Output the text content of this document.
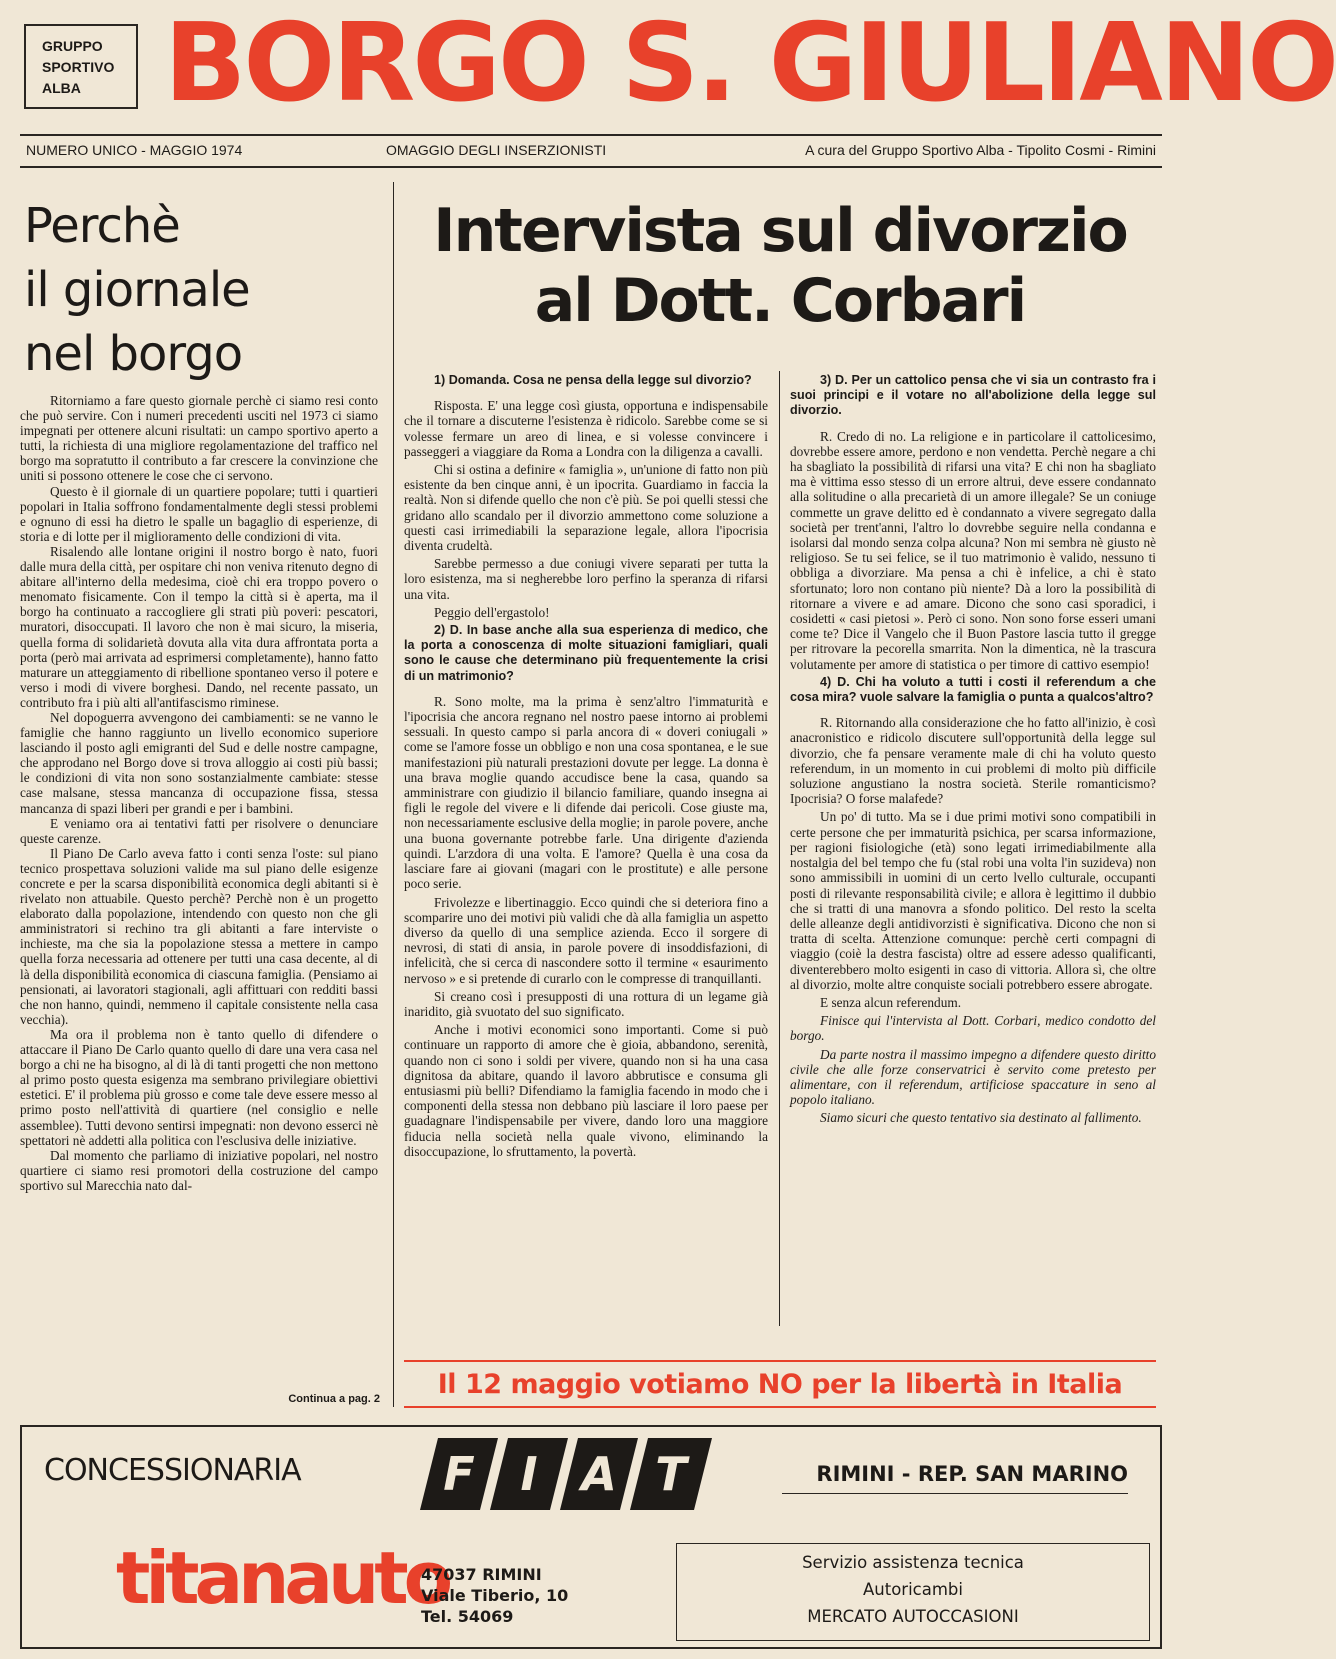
GRUPPO
SPORTIVO
ALBA BORGO S. GIULIANO
NUMERO UNICO - MAGGIO 1974	OMAGGIO DEGLI INSERZIONISTI	A cura del Gruppo Sportivo Alba - Tipolito Cosmi - Rimini
Perchè
il giornale
nel borgo

Ritorniamo a fare questo giornale perchè ci siamo resi conto che può servire. Con i numeri precedenti usciti nel 1973 ci siamo impegnati per ottenere alcuni risultati: un campo sportivo aperto a tutti, la richiesta di una migliore regolamentazione del traffico nel borgo ma sopratutto il contributo a far crescere la convinzione che uniti si possono ottenere le cose che ci servono.

Questo è il giornale di un quartiere popolare; tutti i quartieri popolari in Italia soffrono fondamentalmente degli stessi problemi e ognuno di essi ha dietro le spalle un bagaglio di esperienze, di storia e di lotte per il miglioramento delle condizioni di vita.

Risalendo alle lontane origini il nostro borgo è nato, fuori dalle mura della città, per ospitare chi non veniva ritenuto degno di abitare all'interno della medesima, cioè chi era troppo povero o menomato fisicamente. Con il tempo la città si è aperta, ma il borgo ha continuato a raccogliere gli strati più poveri: pescatori, muratori, disoccupati. Il lavoro che non è mai sicuro, la miseria, quella forma di solidarietà dovuta alla vita dura affrontata porta a porta (però mai arrivata ad esprimersi completamente), hanno fatto maturare un atteggiamento di ribellione spontaneo verso il potere e verso i modi di vivere borghesi. Dando, nel recente passato, un contributo fra i più alti all'antifascismo riminese.

Nel dopoguerra avvengono dei cambiamenti: se ne vanno le famiglie che hanno raggiunto un livello economico superiore lasciando il posto agli emigranti del Sud e delle nostre campagne, che approdano nel Borgo dove si trova alloggio ai costi più bassi; le condizioni di vita non sono sostanzialmente cambiate: stesse case malsane, stessa mancanza di occupazione fissa, stessa mancanza di spazi liberi per grandi e per i bambini.

E veniamo ora ai tentativi fatti per risolvere o denunciare queste carenze.

Il Piano De Carlo aveva fatto i conti senza l'oste: sul piano tecnico prospettava soluzioni valide ma sul piano delle esigenze concrete e per la scarsa disponibilità economica degli abitanti si è rivelato non attuabile. Questo perchè? Perchè non è un progetto elaborato dalla popolazione, intendendo con questo non che gli amministratori si rechino tra gli abitanti a fare interviste o inchieste, ma che sia la popolazione stessa a mettere in campo quella forza necessaria ad ottenere per tutti una casa decente, al di là della disponibilità economica di ciascuna famiglia. (Pensiamo ai pensionati, ai lavoratori stagionali, agli affittuari con redditi bassi che non hanno, quindi, nemmeno il capitale consistente nella casa vecchia).

Ma ora il problema non è tanto quello di difendere o attaccare il Piano De Carlo quanto quello di dare una vera casa nel borgo a chi ne ha bisogno, al di là di tanti progetti che non mettono al primo posto questa esigenza ma sembrano privilegiare obiettivi estetici. E' il problema più grosso e come tale deve essere messo al primo posto nell'attività di quartiere (nel consiglio e nelle assemblee). Tutti devono sentirsi impegnati: non devono esserci nè spettatori nè addetti alla politica con l'esclusiva delle iniziative.

Dal momento che parliamo di iniziative popolari, nel nostro quartiere ci siamo resi promotori della costruzione del campo sportivo sul Marecchia nato dal-

Continua a pag. 2
Intervista sul divorzio
al Dott. Corbari

1) Domanda. Cosa ne pensa della legge sul divorzio?

Risposta. E' una legge così giusta, opportuna e indispensabile che il tornare a discuterne l'esistenza è ridicolo. Sarebbe come se si volesse fermare un areo di linea, e si volesse convincere i passeggeri a viaggiare da Roma a Londra con la diligenza a cavalli.

Chi si ostina a definire « famiglia », un'unione di fatto non più esistente da ben cinque anni, è un ipocrita. Guardiamo in faccia la realtà. Non si difende quello che non c'è più. Se poi quelli stessi che gridano allo scandalo per il divorzio ammettono come soluzione a questi casi irrimediabili la separazione legale, allora l'ipocrisia diventa crudeltà.

Sarebbe permesso a due coniugi vivere separati per tutta la loro esistenza, ma si negherebbe loro perfino la speranza di rifarsi una vita.

Peggio dell'ergastolo!

2) D. In base anche alla sua esperienza di medico, che la porta a conoscenza di molte situazioni famigliari, quali sono le cause che determinano più frequentemente la crisi di un matrimonio?

R. Sono molte, ma la prima è senz'altro l'immaturità e l'ipocrisia che ancora regnano nel nostro paese intorno ai problemi sessuali. In questo campo si parla ancora di « doveri coniugali » come se l'amore fosse un obbligo e non una cosa spontanea, e le sue manifestazioni più naturali prestazioni dovute per legge. La donna è una brava moglie quando accudisce bene la casa, quando sa amministrare con giudizio il bilancio familiare, quando insegna ai figli le regole del vivere e li difende dai pericoli. Cose giuste ma, non necessariamente esclusive della moglie; in parole povere, anche una buona governante potrebbe farle. Una dirigente d'azienda quindi. L'arzdora di una volta. E l'amore? Quella è una cosa da lasciare fare ai giovani (magari con le prostitute) e alle persone poco serie.

Frivolezze e libertinaggio. Ecco quindi che si deteriora fino a scomparire uno dei motivi più validi che dà alla famiglia un aspetto diverso da quello di una semplice azienda. Ecco il sorgere di nevrosi, di stati di ansia, in parole povere di insoddisfazioni, di infelicità, che si cerca di nascondere sotto il termine « esaurimento nervoso » e si pretende di curarlo con le compresse di tranquillanti.

Si creano così i presupposti di una rottura di un legame già inaridito, già svuotato del suo significato.

Anche i motivi economici sono importanti. Come si può continuare un rapporto di amore che è gioia, abbandono, serenità, quando non ci sono i soldi per vivere, quando non si ha una casa dignitosa da abitare, quando il lavoro abbrutisce e consuma gli entusiasmi più belli? Difendiamo la famiglia facendo in modo che i componenti della stessa non debbano più lasciare il loro paese per guadagnare l'indispensabile per vivere, dando loro una maggiore fiducia nella società nella quale vivono, eliminando la disoccupazione, lo sfruttamento, la povertà.

3) D. Per un cattolico pensa che vi sia un contrasto fra i suoi principi e il votare no all'abolizione della legge sul divorzio.

R. Credo di no. La religione e in particolare il cattolicesimo, dovrebbe essere amore, perdono e non vendetta. Perchè negare a chi ha sbagliato la possibilità di rifarsi una vita? E chi non ha sbagliato ma è vittima esso stesso di un errore altrui, deve essere condannato alla solitudine o alla precarietà di un amore illegale? Se un coniuge commette un grave delitto ed è condannato a vivere segregato dalla società per trent'anni, l'altro lo dovrebbe seguire nella condanna e isolarsi dal mondo senza colpa alcuna? Non mi sembra nè giusto nè religioso. Se tu sei felice, se il tuo matrimonio è valido, nessuno ti obbliga a divorziare. Ma pensa a chi è infelice, a chi è stato sfortunato; loro non contano più niente? Dà a loro la possibilità di ritornare a vivere e ad amare. Dicono che sono casi sporadici, i cosidetti « casi pietosi ». Però ci sono. Non sono forse esseri umani come te? Dice il Vangelo che il Buon Pastore lascia tutto il gregge per ritrovare la pecorella smarrita. Non la dimentica, nè la trascura volutamente per amore di statistica o per timore di cattivo esempio!

4) D. Chi ha voluto a tutti i costi il referendum a che cosa mira? vuole salvare la famiglia o punta a qualcos'altro?

R. Ritornando alla considerazione che ho fatto all'inizio, è così anacronistico e ridicolo discutere sull'opportunità della legge sul divorzio, che fa pensare veramente male di chi ha voluto questo referendum, in un momento in cui problemi di molto più difficile soluzione angustiano la nostra società. Sterile romanticismo? Ipocrisia? O forse malafede?

Un po' di tutto. Ma se i due primi motivi sono compatibili in certe persone che per immaturità psichica, per scarsa informazione, per ragioni fisiologiche (età) sono legati irrimediabilmente alla nostalgia del bel tempo che fu (stal robi una volta l'in suzideva) non sono ammissibili in uomini di un certo lvello culturale, occupanti posti di rilevante responsabilità civile; e allora è legittimo il dubbio che si tratti di una manovra a sfondo politico. Del resto la scelta delle alleanze degli antidivorzisti è significativa. Dicono che non si tratta di scelta. Attenzione comunque: perchè certi compagni di viaggio (coiè la destra fascista) oltre ad essere adesso qualificanti, diventerebbero molto esigenti in caso di vittoria. Allora sì, che oltre al divorzio, molte altre conquiste sociali potrebbero essere abrogate.

E senza alcun referendum.

Finisce qui l'intervista al Dott. Corbari, medico condotto del borgo.

Da parte nostra il massimo impegno a difendere questo diritto civile che alle forze conservatrici è servito come pretesto per alimentare, con il referendum, artificiose spaccature in seno al popolo italiano.

Siamo sicuri che questo tentativo sia destinato al fallimento.

Il 12 maggio votiamo NO per la libertà in Italia
CONCESSIONARIA	F I A T	RIMINI - REP. SAN MARINO
titanauto
47037 RIMINI
Viale Tiberio, 10
Tel. 54069
Servizio assistenza tecnica
Autoricambi
MERCATO AUTOCCASIONI
